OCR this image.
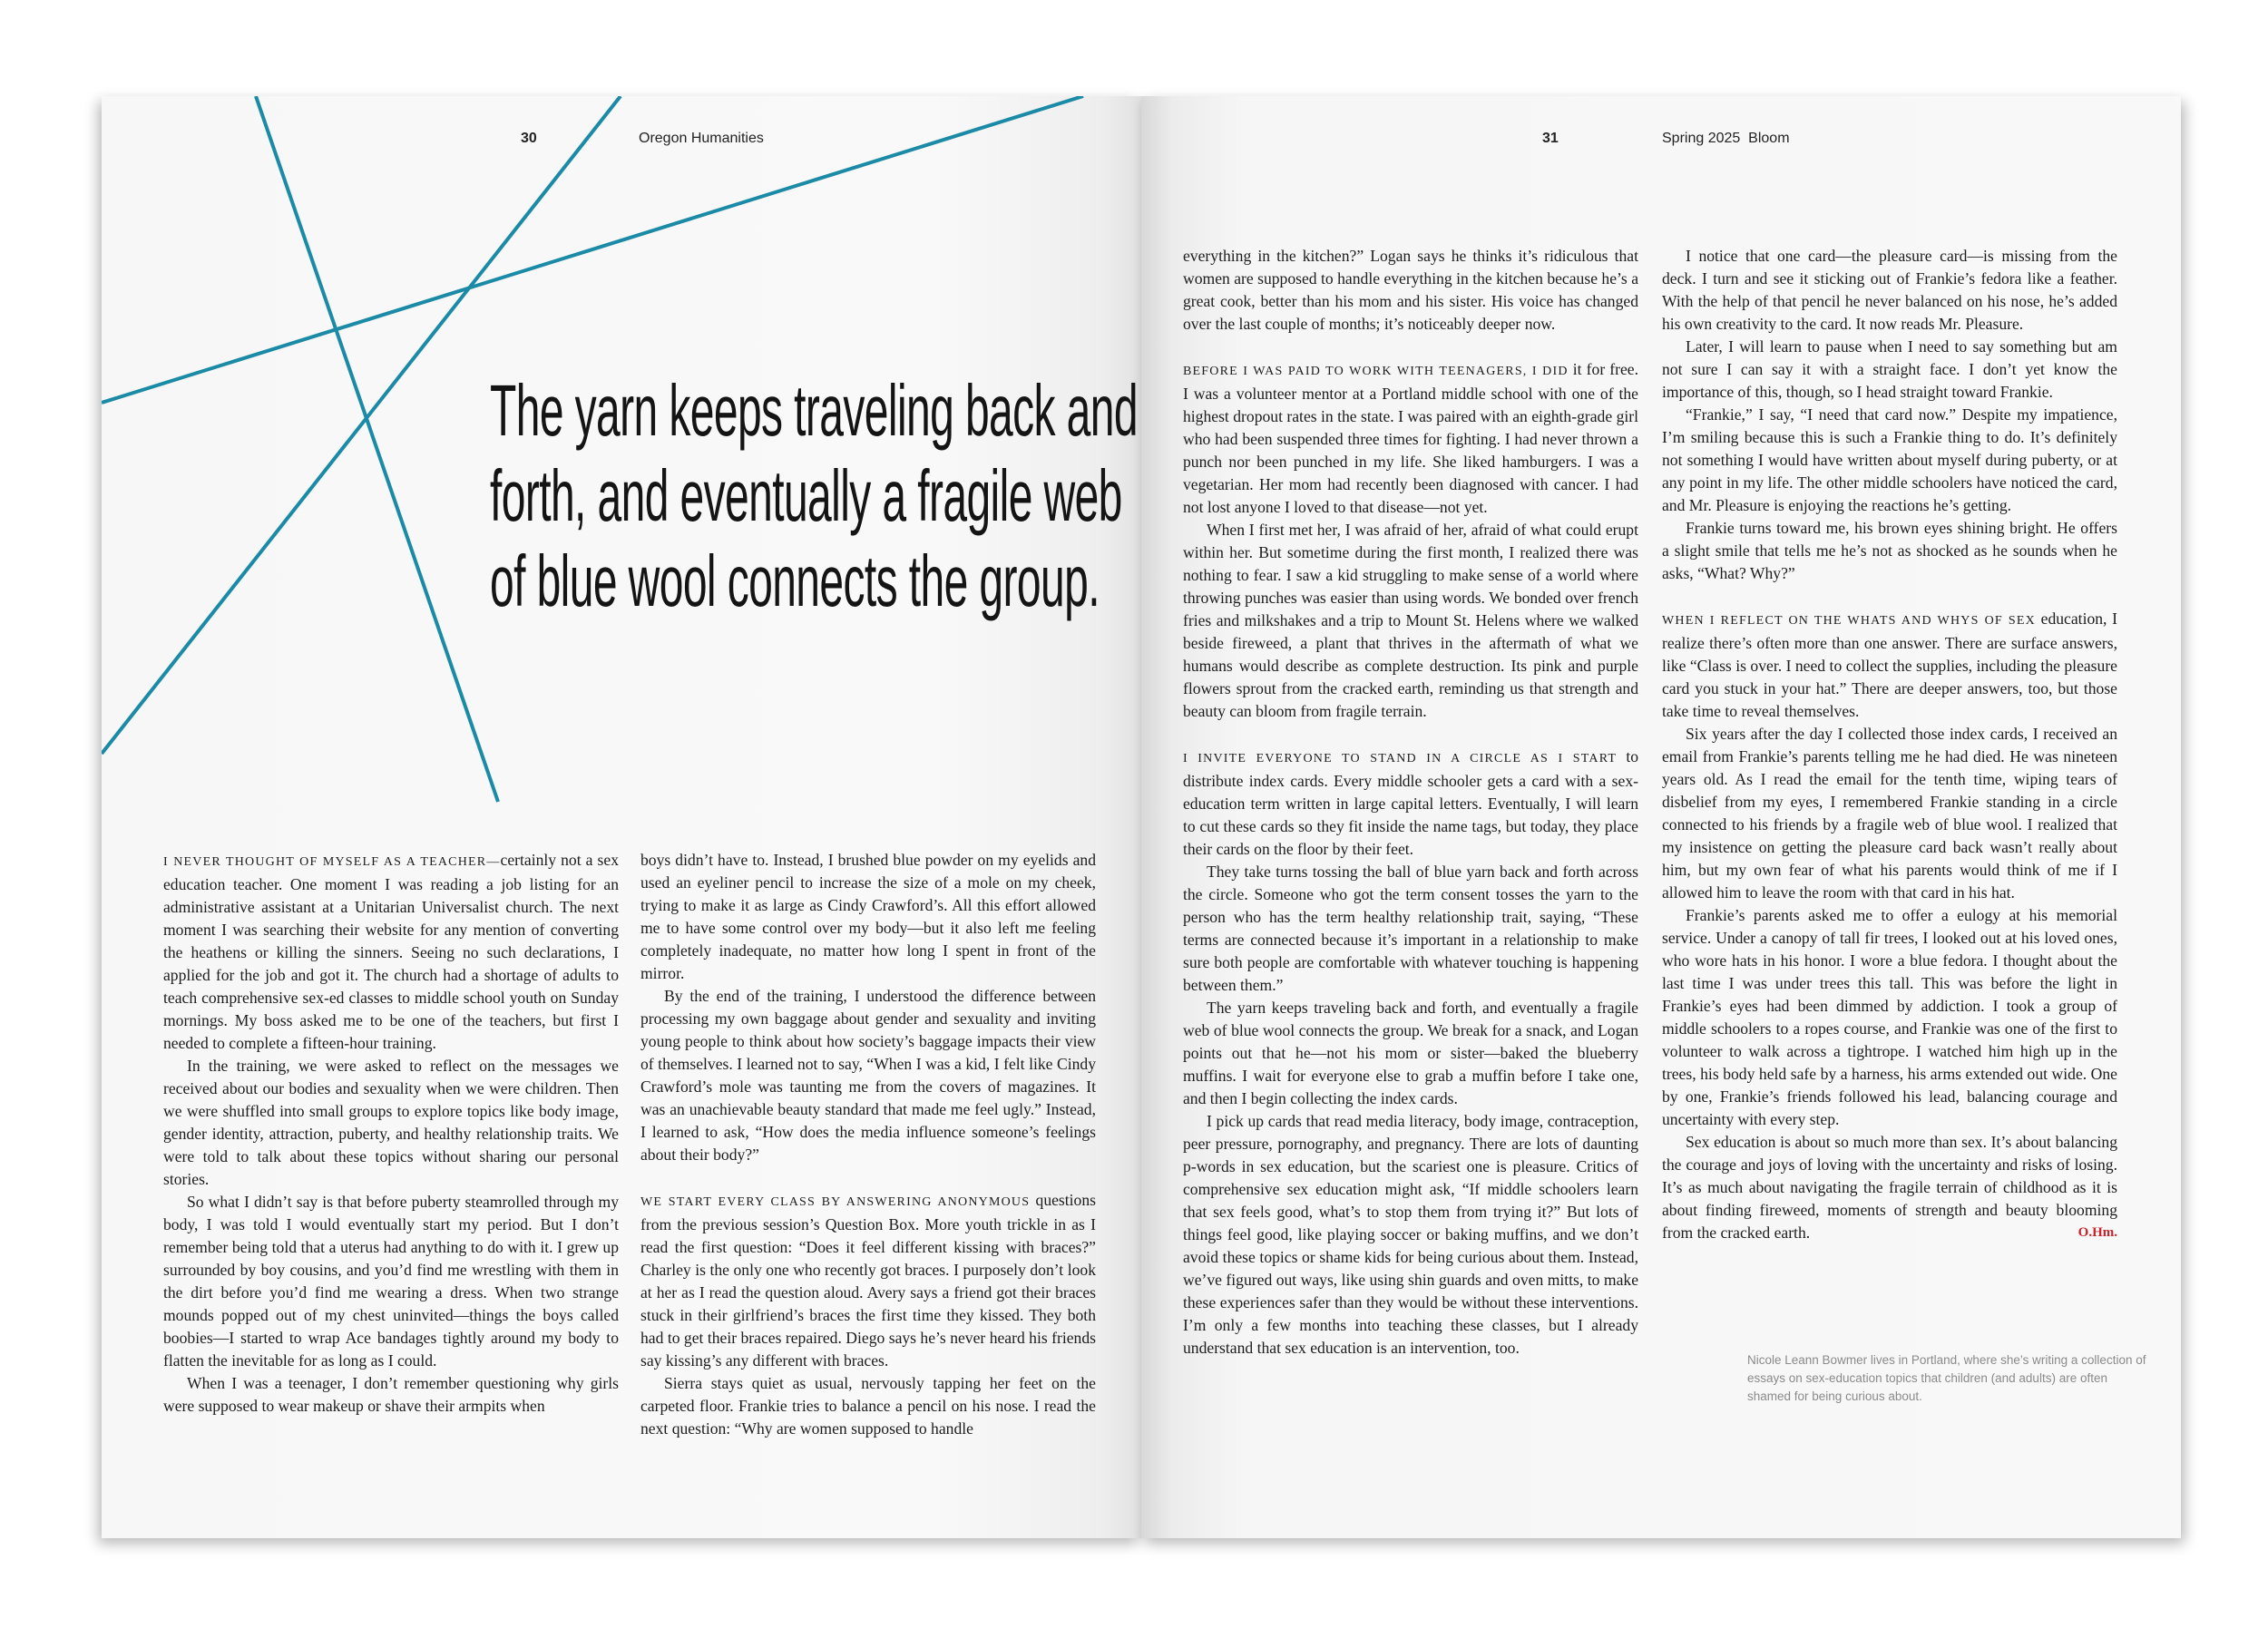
30	Oregon Humanities

The yarn keeps traveling back and

forth, and eventually a fragile web

of blue wool connects the group.

I NEVER THOUGHT OF MYSELF AS A TEACHER—certainly not a sex education teacher. One moment I was reading a job listing for an administrative assistant at a Unitarian Universalist church. The next moment I was searching their website for any mention of converting the heathens or killing the sinners. Seeing no such declarations, I applied for the job and got it. The church had a shortage of adults to teach comprehensive sex-ed classes to middle school youth on Sunday mornings. My boss asked me to be one of the teachers, but first I needed to complete a fifteen-hour training.

In the training, we were asked to reflect on the messages we received about our bodies and sexuality when we were children. Then we were shuffled into small groups to explore topics like body image, gender identity, attraction, puberty, and healthy relationship traits. We were told to talk about these topics without sharing our personal stories.

So what I didn’t say is that before puberty steamrolled through my body, I was told I would eventually start my period. But I don’t remember being told that a uterus had anything to do with it. I grew up surrounded by boy cousins, and you’d find me wrestling with them in the dirt before you’d find me wearing a dress. When two strange mounds popped out of my chest uninvited—things the boys called boobies—I started to wrap Ace bandages tightly around my body to flatten the inevitable for as long as I could.

When I was a teenager, I don’t remember questioning why girls were supposed to wear makeup or shave their armpits when

boys didn’t have to. Instead, I brushed blue powder on my eyelids and used an eyeliner pencil to increase the size of a mole on my cheek, trying to make it as large as Cindy Crawford’s. All this effort allowed me to have some control over my body—but it also left me feeling completely inadequate, no matter how long I spent in front of the mirror.

By the end of the training, I understood the difference between processing my own baggage about gender and sexuality and inviting young people to think about how society’s baggage impacts their view of themselves. I learned not to say, “When I was a kid, I felt like Cindy Crawford’s mole was taunting me from the covers of magazines. It was an unachievable beauty standard that made me feel ugly.” Instead, I learned to ask, “How does the media influence someone’s feelings about their body?”

WE START EVERY CLASS BY ANSWERING ANONYMOUS questions from the previous session’s Question Box. More youth trickle in as I read the first question: “Does it feel different kissing with braces?” Charley is the only one who recently got braces. I purposely don’t look at her as I read the question aloud. Avery says a friend got their braces stuck in their girlfriend’s braces the first time they kissed. They both had to get their braces repaired. Diego says he’s never heard his friends say kissing’s any different with braces.

Sierra stays quiet as usual, nervously tapping her feet on the carpeted floor. Frankie tries to balance a pencil on his nose. I read the next question: “Why are women supposed to handle

31	Spring 2025  Bloom

everything in the kitchen?” Logan says he thinks it’s ridiculous that women are supposed to handle everything in the kitchen because he’s a great cook, better than his mom and his sister. His voice has changed over the last couple of months; it’s noticeably deeper now.

BEFORE I WAS PAID TO WORK WITH TEENAGERS, I DID it for free. I was a volunteer mentor at a Portland middle school with one of the highest dropout rates in the state. I was paired with an eighth-grade girl who had been suspended three times for fighting. I had never thrown a punch nor been punched in my life. She liked hamburgers. I was a vegetarian. Her mom had recently been diagnosed with cancer. I had not lost anyone I loved to that disease—not yet.

When I first met her, I was afraid of her, afraid of what could erupt within her. But sometime during the first month, I realized there was nothing to fear. I saw a kid struggling to make sense of a world where throwing punches was easier than using words. We bonded over french fries and milkshakes and a trip to Mount St. Helens where we walked beside fireweed, a plant that thrives in the aftermath of what we humans would describe as complete destruction. Its pink and purple flowers sprout from the cracked earth, reminding us that strength and beauty can bloom from fragile terrain.

I INVITE EVERYONE TO STAND IN A CIRCLE AS I START to distribute index cards. Every middle schooler gets a card with a sex-education term written in large capital letters. Eventually, I will learn to cut these cards so they fit inside the name tags, but today, they place their cards on the floor by their feet.

They take turns tossing the ball of blue yarn back and forth across the circle. Someone who got the term consent tosses the yarn to the person who has the term healthy relationship trait, saying, “These terms are connected because it’s important in a relationship to make sure both people are comfortable with whatever touching is happening between them.”

The yarn keeps traveling back and forth, and eventually a fragile web of blue wool connects the group. We break for a snack, and Logan points out that he—not his mom or sister—baked the blueberry muffins. I wait for everyone else to grab a muffin before I take one, and then I begin collecting the index cards.

I pick up cards that read media literacy, body image, contraception, peer pressure, pornography, and pregnancy. There are lots of daunting p-words in sex education, but the scariest one is pleasure. Critics of comprehensive sex education might ask, “If middle schoolers learn that sex feels good, what’s to stop them from trying it?” But lots of things feel good, like playing soccer or baking muffins, and we don’t avoid these topics or shame kids for being curious about them. Instead, we’ve figured out ways, like using shin guards and oven mitts, to make these experiences safer than they would be without these interventions. I’m only a few months into teaching these classes, but I already understand that sex education is an intervention, too.

I notice that one card—the pleasure card—is missing from the deck. I turn and see it sticking out of Frankie’s fedora like a feather. With the help of that pencil he never balanced on his nose, he’s added his own creativity to the card. It now reads Mr. Pleasure.

Later, I will learn to pause when I need to say something but am not sure I can say it with a straight face. I don’t yet know the importance of this, though, so I head straight toward Frankie.

“Frankie,” I say, “I need that card now.” Despite my impatience, I’m smiling because this is such a Frankie thing to do. It’s definitely not something I would have written about myself during puberty, or at any point in my life. The other middle schoolers have noticed the card, and Mr. Pleasure is enjoying the reactions he’s getting.

Frankie turns toward me, his brown eyes shining bright. He offers a slight smile that tells me he’s not as shocked as he sounds when he asks, “What? Why?”

WHEN I REFLECT ON THE WHATS AND WHYS OF SEX education, I realize there’s often more than one answer. There are surface answers, like “Class is over. I need to collect the supplies, including the pleasure card you stuck in your hat.” There are deeper answers, too, but those take time to reveal themselves.

Six years after the day I collected those index cards, I received an email from Frankie’s parents telling me he had died. He was nineteen years old. As I read the email for the tenth time, wiping tears of disbelief from my eyes, I remembered Frankie standing in a circle connected to his friends by a fragile web of blue wool. I realized that my insistence on getting the pleasure card back wasn’t really about him, but my own fear of what his parents would think of me if I allowed him to leave the room with that card in his hat.

Frankie’s parents asked me to offer a eulogy at his memorial service. Under a canopy of tall fir trees, I looked out at his loved ones, who wore hats in his honor. I wore a blue fedora. I thought about the last time I was under trees this tall. This was before the light in Frankie’s eyes had been dimmed by addiction. I took a group of middle schoolers to a ropes course, and Frankie was one of the first to volunteer to walk across a tightrope. I watched him high up in the trees, his body held safe by a harness, his arms extended out wide. One by one, Frankie’s friends followed his lead, balancing courage and uncertainty with every step.

Sex education is about so much more than sex. It’s about balancing the courage and joys of loving with the uncertainty and risks of losing. It’s as much about navigating the fragile terrain of childhood as it is about finding fireweed, moments of strength and beauty blooming from the cracked earth.	O.Hm.

Nicole Leann Bowmer lives in Portland, where she’s writing a collection of essays on sex-education topics that children (and adults) are often shamed for being curious about.
